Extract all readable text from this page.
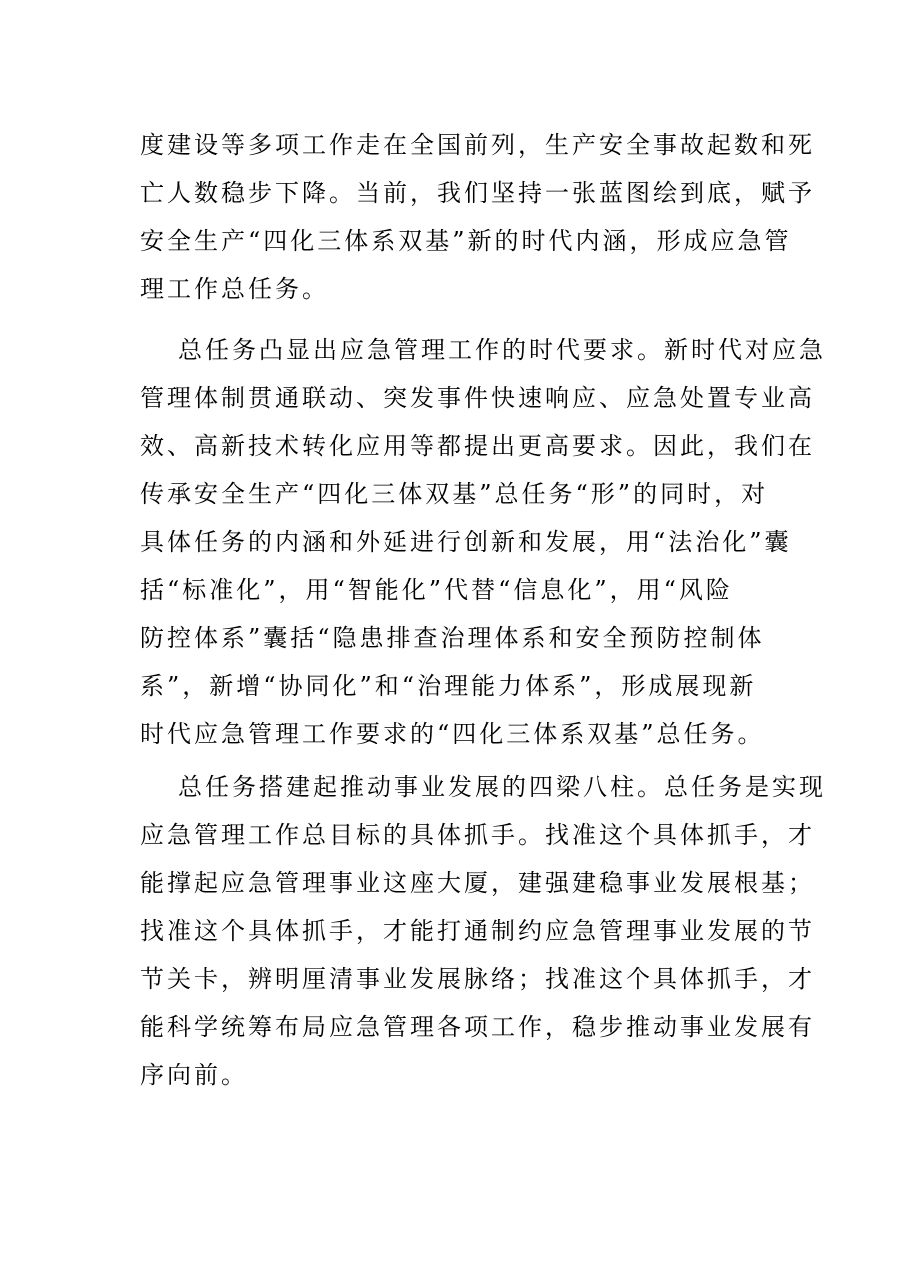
度建设等多项工作走在全国前列，生产安全事故起数和死
亡人数稳步下降。当前，我们坚持一张蓝图绘到底，赋予
安全生产“四化三体系双基”新的时代内涵，形成应急管
理工作总任务。
总任务凸显出应急管理工作的时代要求。新时代对应急
管理体制贯通联动、突发事件快速响应、应急处置专业高
效、高新技术转化应用等都提出更高要求。因此，我们在
传承安全生产“四化三体双基”总任务“形”的同时，对
具体任务的内涵和外延进行创新和发展，用“法治化”囊
括“标准化”，用“智能化”代替“信息化”，用“风险
防控体系”囊括“隐患排查治理体系和安全预防控制体
系”，新增“协同化”和“治理能力体系”，形成展现新
时代应急管理工作要求的“四化三体系双基”总任务。
总任务搭建起推动事业发展的四梁八柱。总任务是实现
应急管理工作总目标的具体抓手。找准这个具体抓手，才
能撑起应急管理事业这座大厦，建强建稳事业发展根基；
找准这个具体抓手，才能打通制约应急管理事业发展的节
节关卡，辨明厘清事业发展脉络；找准这个具体抓手，才
能科学统筹布局应急管理各项工作，稳步推动事业发展有
序向前。
